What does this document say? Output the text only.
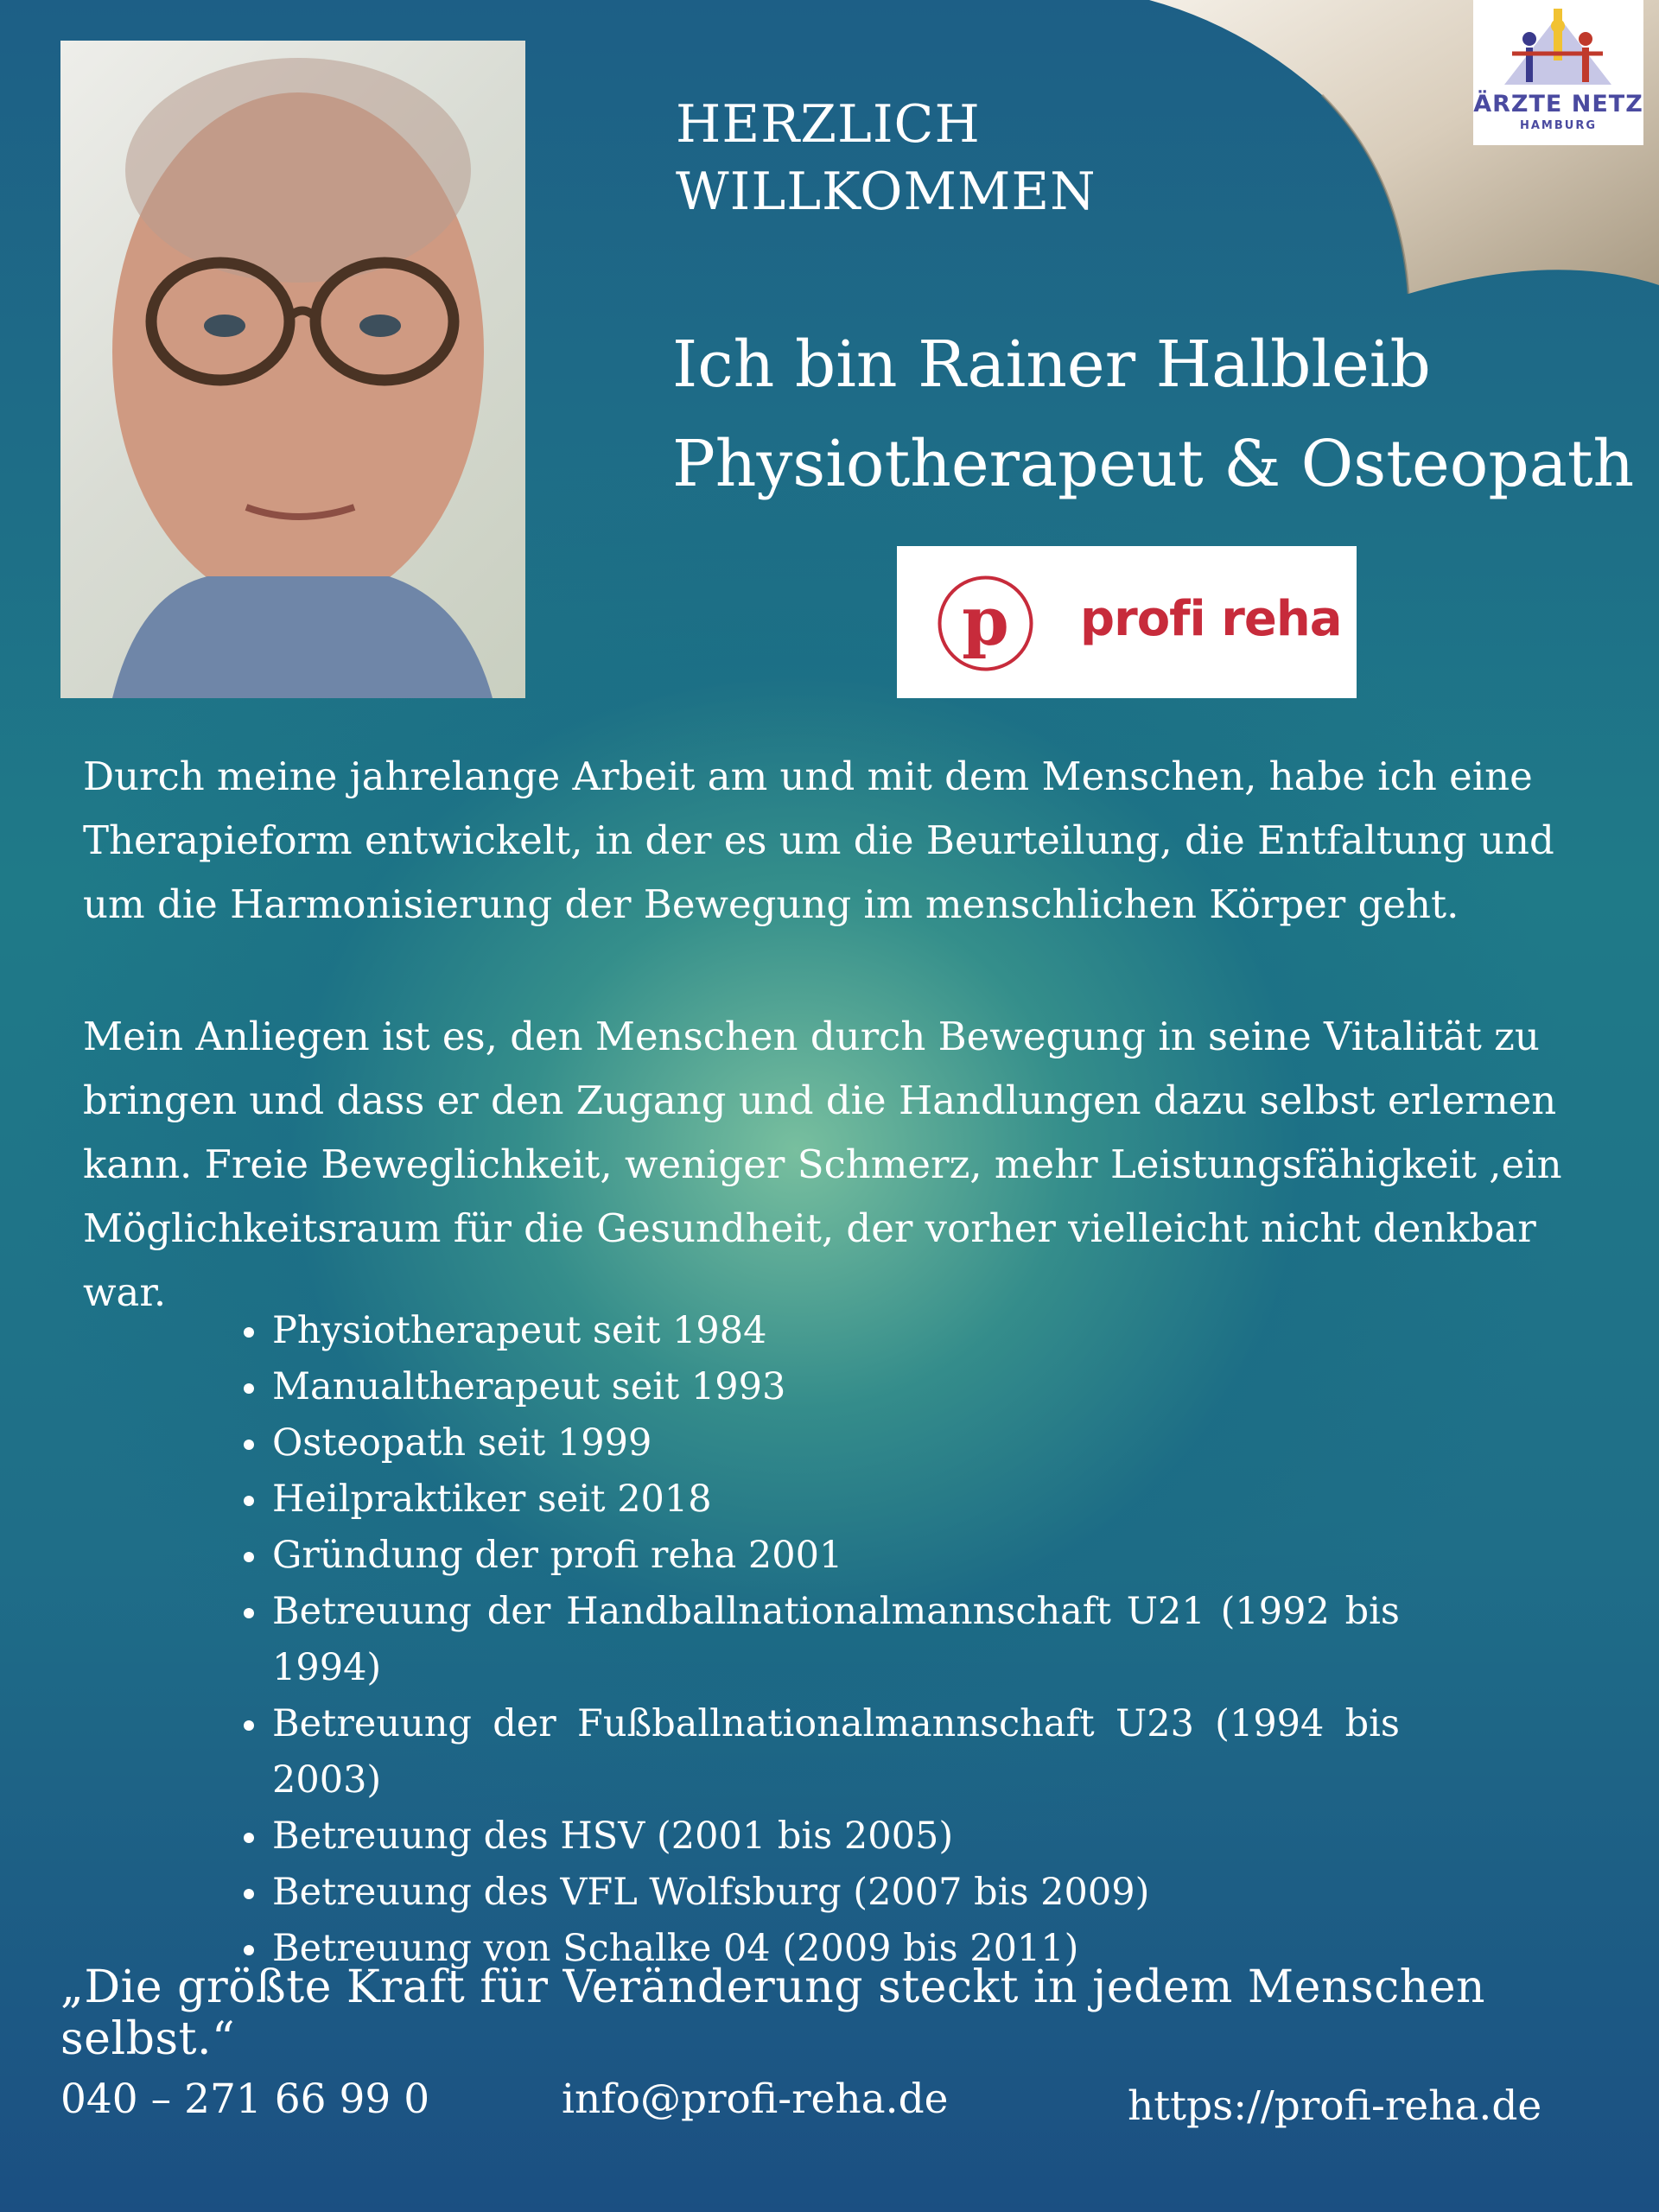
ÄRZTE NETZ
HAMBURG
HERZLICH
WILLKOMMEN
Ich bin Rainer Halbleib
Physiotherapeut & Osteopath
p profi reha
Durch meine jahrelange Arbeit am und mit dem Menschen, habe ich eine Therapieform entwickelt, in der es um die Beurteilung, die Entfaltung und um die Harmonisierung der Bewegung im menschlichen Körper geht.
Mein Anliegen ist es, den Menschen durch Bewegung in seine Vitalität zu bringen und dass er den Zugang und die Handlungen dazu selbst erlernen kann. Freie Beweglichkeit, weniger Schmerz, mehr Leistungsfähigkeit ,ein Möglichkeitsraum für die Gesundheit, der vorher vielleicht nicht denkbar war.
Physiotherapeut seit 1984
Manualtherapeut seit 1993
Osteopath seit 1999
Heilpraktiker seit 2018
Gründung der profi reha 2001
Betreuung der Handballnationalmannschaft U21 (1992 bis 1994)
Betreuung der Fußballnationalmannschaft U23 (1994 bis 2003)
Betreuung des HSV (2001 bis 2005)
Betreuung des VFL Wolfsburg (2007 bis 2009)
Betreuung von Schalke 04 (2009 bis 2011)
„Die größte Kraft für Veränderung steckt in jedem Menschen selbst.“
040 – 271 66 99 0	info@profi-reha.de	https://profi-reha.de
